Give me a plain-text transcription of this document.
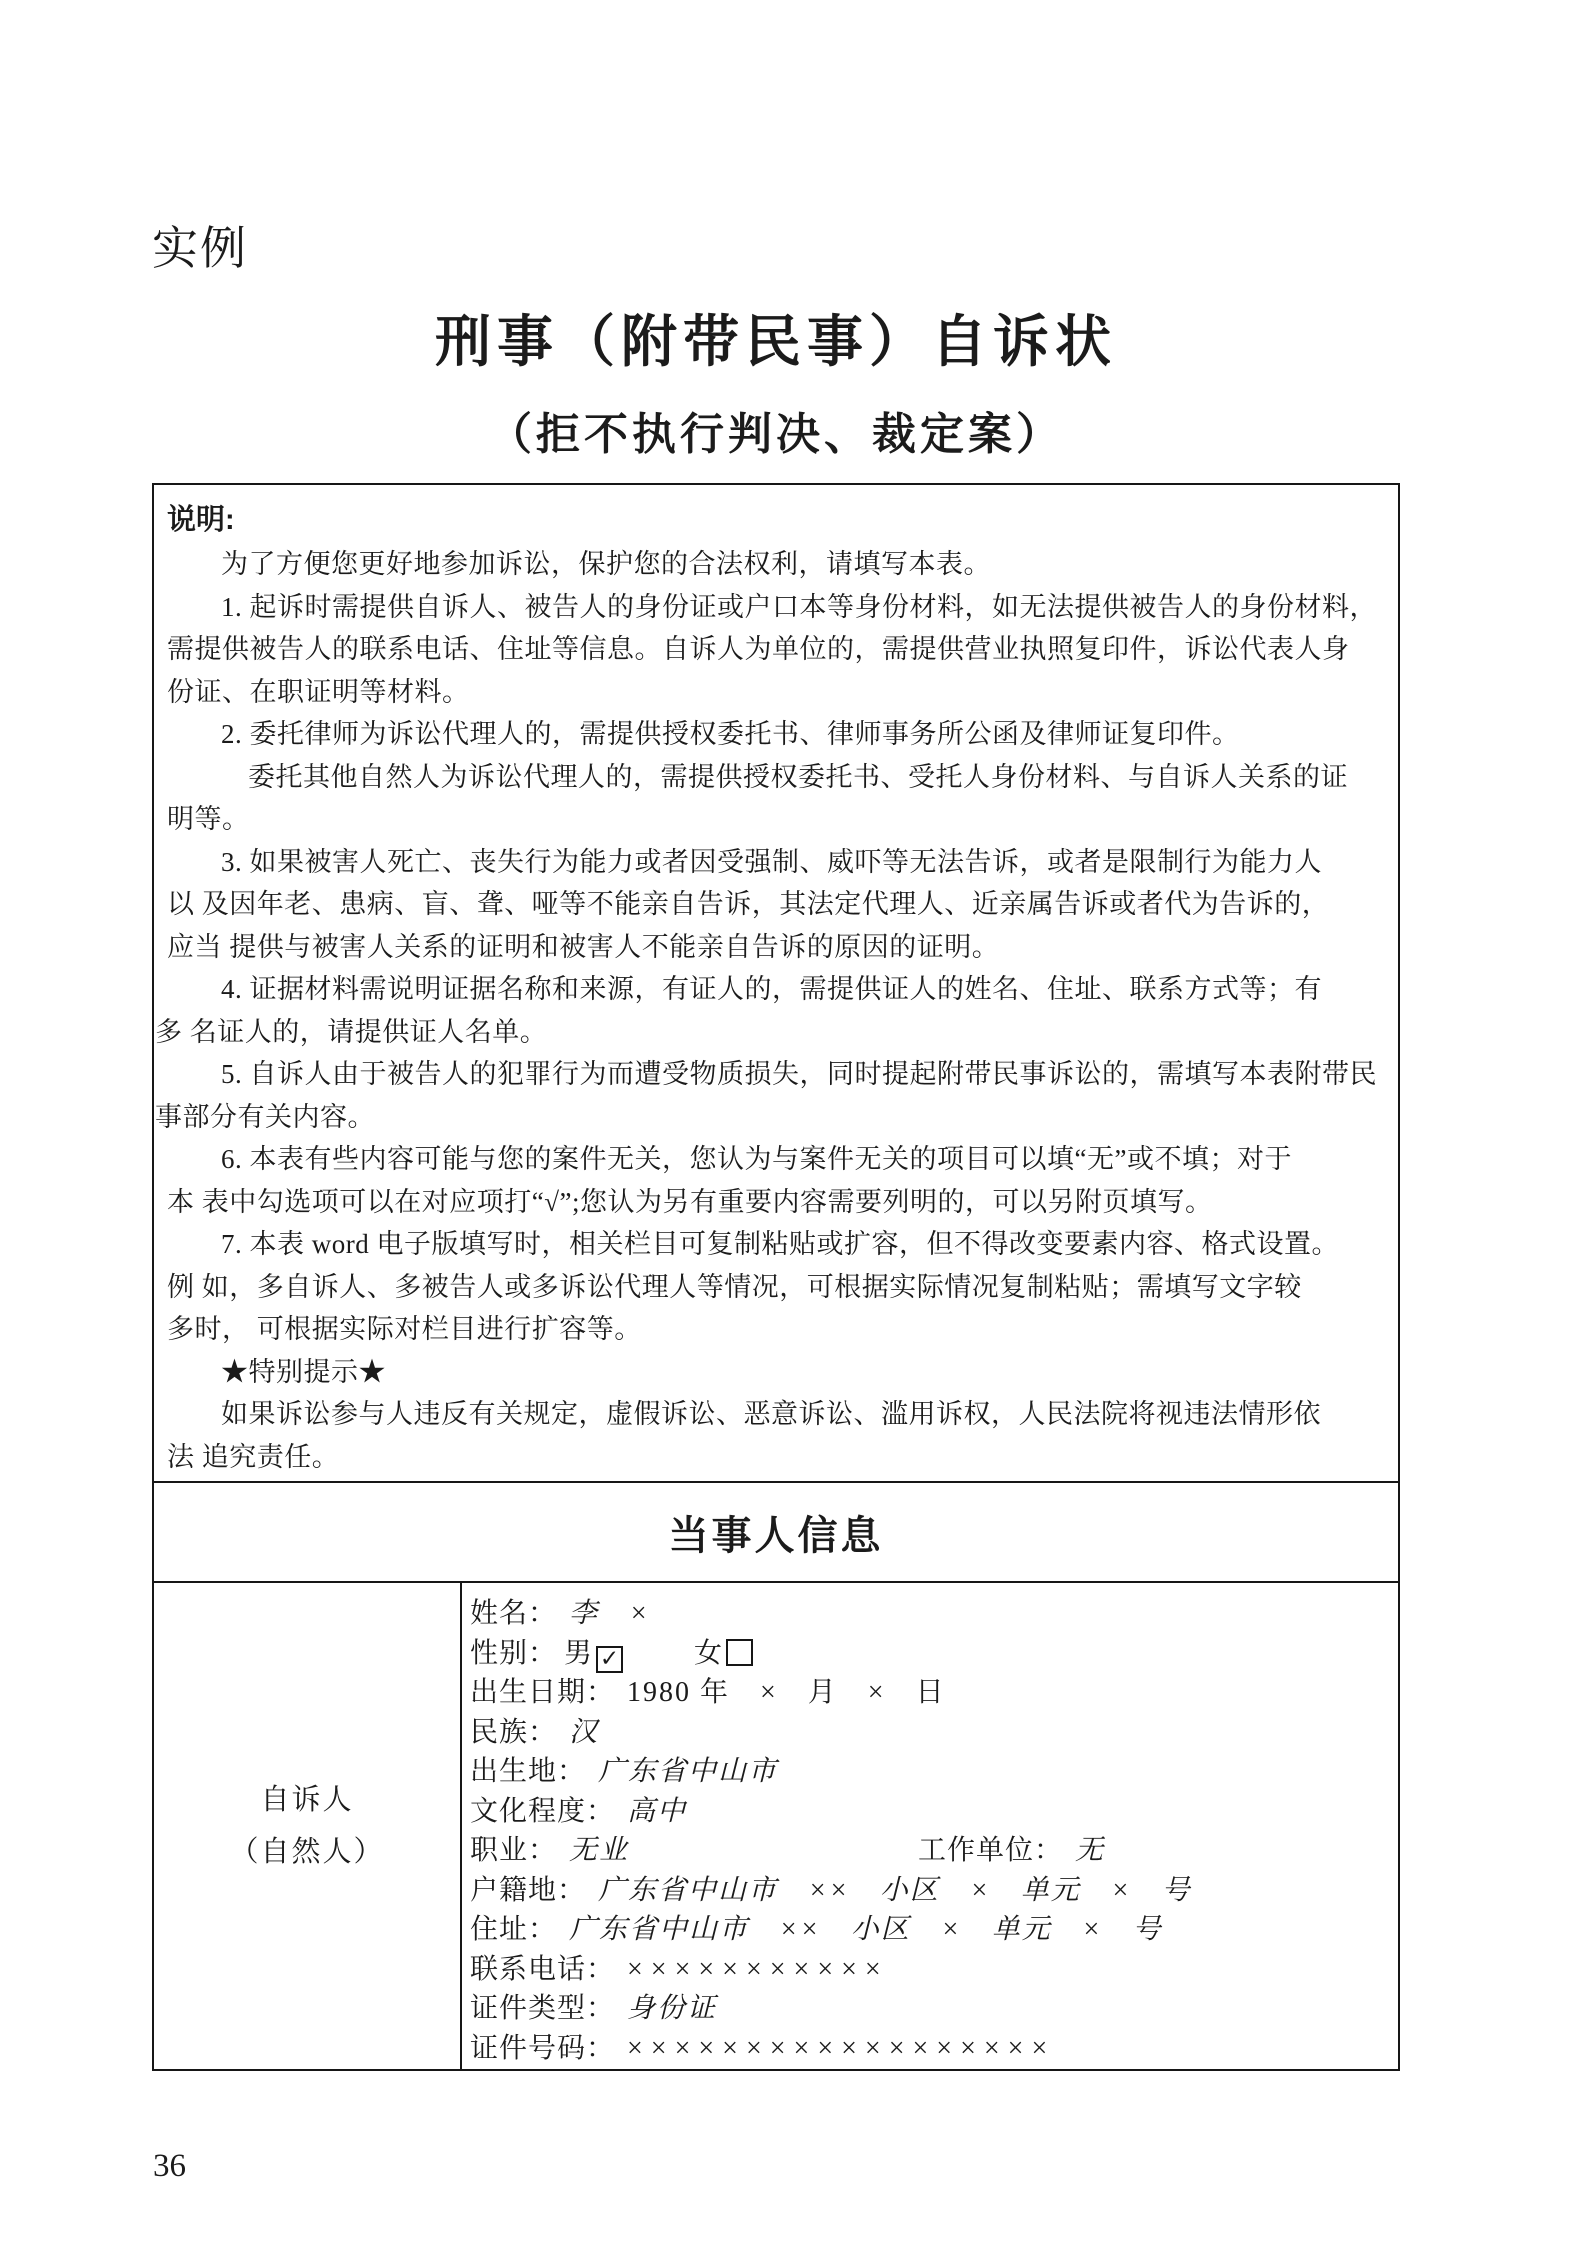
实例
刑事（附带民事）自诉状
（拒不执行判决、裁定案）
说明:
为了方便您更好地参加诉讼，保护您的合法权利，请填写本表。
1. 起诉时需提供自诉人、被告人的身份证或户口本等身份材料，如无法提供被告人的身份材料，
需提供被告人的联系电话、住址等信息。自诉人为单位的，需提供营业执照复印件，诉讼代表人身
份证、在职证明等材料。
2. 委托律师为诉讼代理人的，需提供授权委托书、律师事务所公函及律师证复印件。
委托其他自然人为诉讼代理人的，需提供授权委托书、受托人身份材料、与自诉人关系的证
明等。
3. 如果被害人死亡、丧失行为能力或者因受强制、威吓等无法告诉，或者是限制行为能力人
以 及因年老、患病、盲、聋、哑等不能亲自告诉，其法定代理人、近亲属告诉或者代为告诉的，
应当 提供与被害人关系的证明和被害人不能亲自告诉的原因的证明。
4. 证据材料需说明证据名称和来源，有证人的，需提供证人的姓名、住址、联系方式等；有
多 名证人的，请提供证人名单。
5. 自诉人由于被告人的犯罪行为而遭受物质损失，同时提起附带民事诉讼的，需填写本表附带民
事部分有关内容。
6. 本表有些内容可能与您的案件无关，您认为与案件无关的项目可以填“无”或不填；对于
本 表中勾选项可以在对应项打“√”;您认为另有重要内容需要列明的，可以另附页填写。
7. 本表 word 电子版填写时，相关栏目可复制粘贴或扩容，但不得改变要素内容、格式设置。
例 如，多自诉人、多被告人或多诉讼代理人等情况，可根据实际情况复制粘贴；需填写文字较
多时， 可根据实际对栏目进行扩容等。
★特别提示★
如果诉讼参与人违反有关规定，虚假诉讼、恶意诉讼、滥用诉权，人民法院将视违法情形依
法 追究责任。
当事人信息
自诉人
（自然人）
姓名： 李　×
性别： 男 ✓	女
出生日期： 1980 年　×　月　×　日
民族： 汉
出生地： 广东省中山市
文化程度： 高中
职业： 无业	工作单位： 无
户籍地： 广东省中山市　××　小区　×　单元　×　号
住址： 广东省中山市　××　小区　×　单元　×　号
联系电话： ×××××××××××
证件类型： 身份证
证件号码： ××××××××××××××××××
36
